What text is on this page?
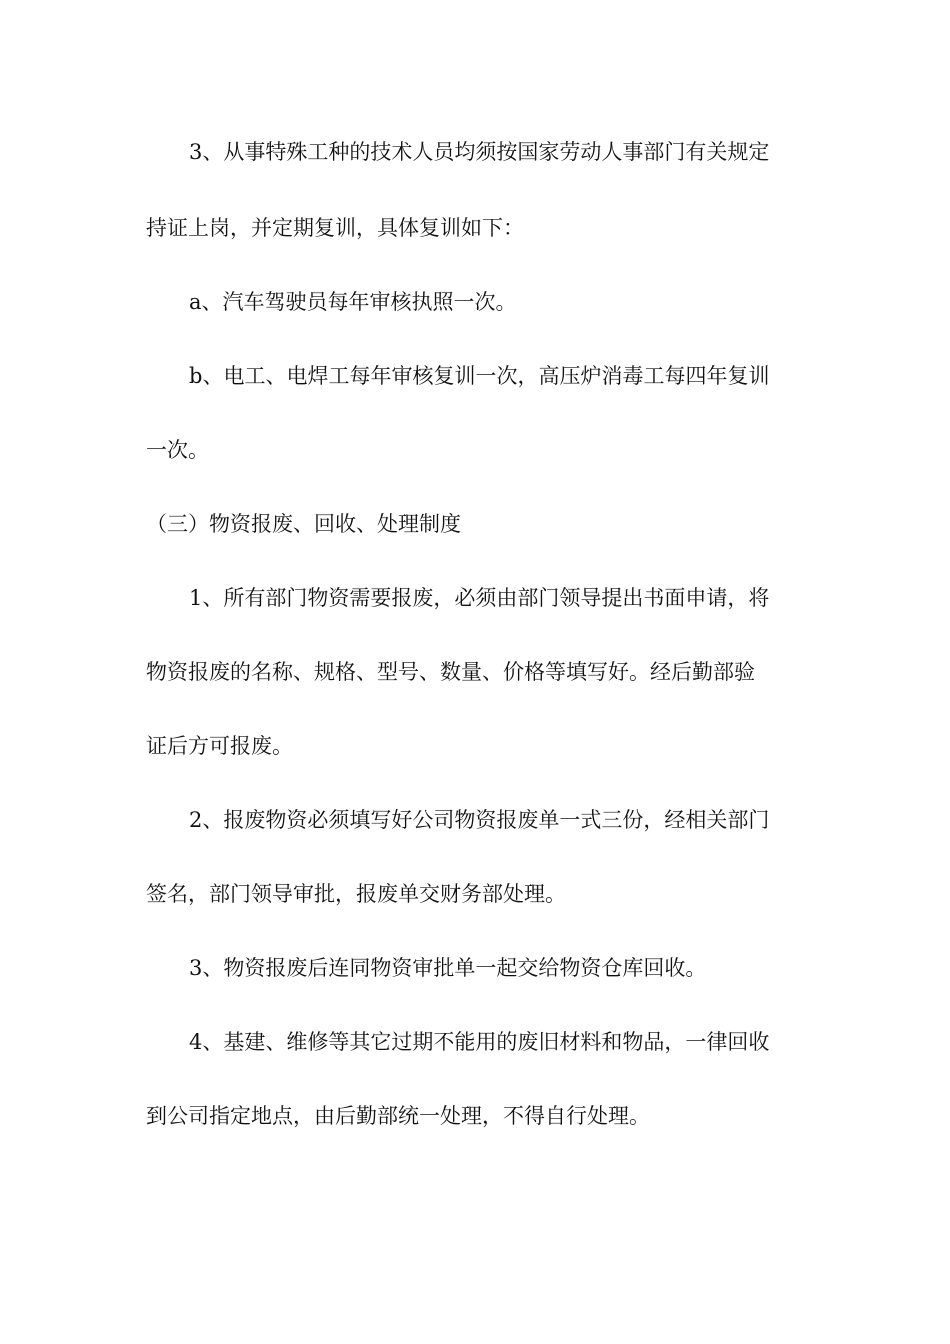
3、从事特殊工种的技术人员均须按国家劳动人事部门有关规定
持证上岗，并定期复训，具体复训如下：
a、汽车驾驶员每年审核执照一次。
b、电工、电焊工每年审核复训一次，高压炉消毒工每四年复训
一次。
（三）物资报废、回收、处理制度
1、所有部门物资需要报废，必须由部门领导提出书面申请，将
物资报废的名称、规格、型号、数量、价格等填写好。经后勤部验
证后方可报废。
2、报废物资必须填写好公司物资报废单一式三份，经相关部门
签名，部门领导审批，报废单交财务部处理。
3、物资报废后连同物资审批单一起交给物资仓库回收。
4、基建、维修等其它过期不能用的废旧材料和物品，一律回收
到公司指定地点，由后勤部统一处理，不得自行处理。
